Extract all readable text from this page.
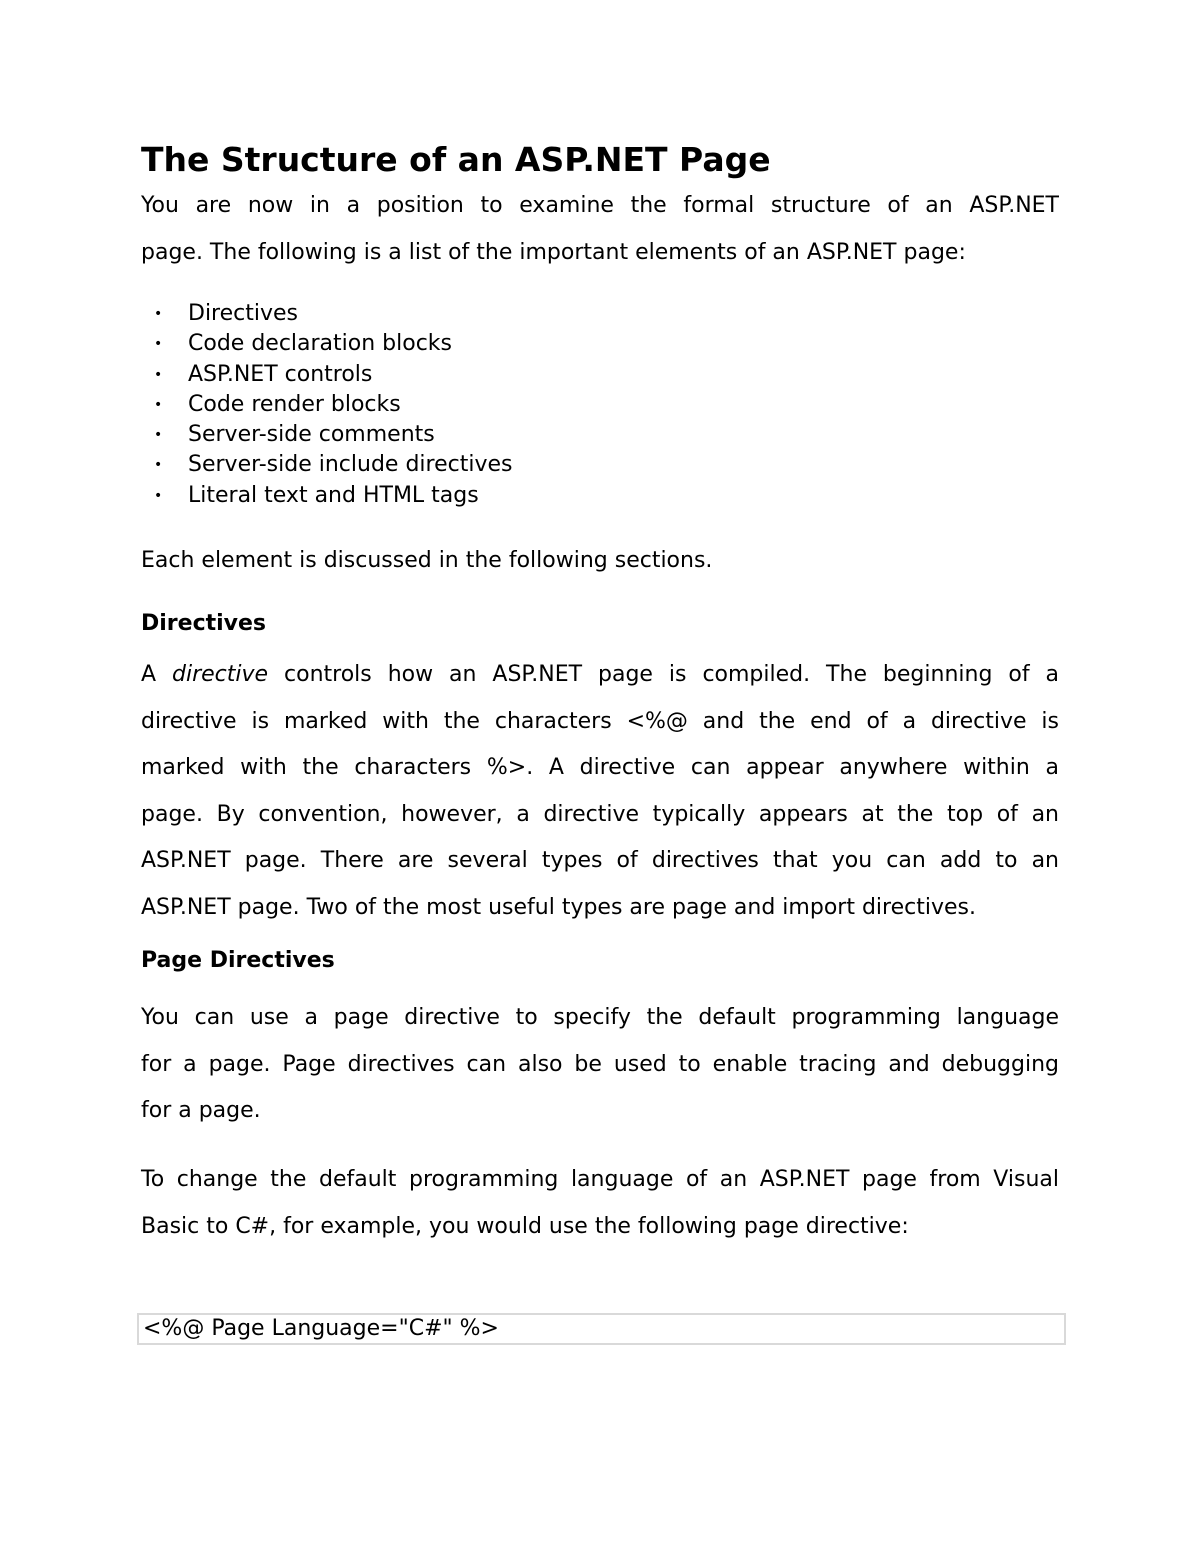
The Structure of an ASP.NET Page
You are now in a position to examine the formal structure of an ASP.NET
page. The following is a list of the important elements of an ASP.NET page:
• Directives
• Code declaration blocks
• ASP.NET controls
• Code render blocks
• Server-side comments
• Server-side include directives
• Literal text and HTML tags

Each element is discussed in the following sections.

Directives
A directive controls how an ASP.NET page is compiled. The beginning of a
directive is marked with the characters <%@ and the end of a directive is
marked with the characters %>. A directive can appear anywhere within a
page. By convention, however, a directive typically appears at the top of an
ASP.NET page. There are several types of directives that you can add to an
ASP.NET page. Two of the most useful types are page and import directives.
Page Directives
You can use a page directive to specify the default programming language
for a page. Page directives can also be used to enable tracing and debugging
for a page.
To change the default programming language of an ASP.NET page from Visual
Basic to C#, for example, you would use the following page directive:
<%@ Page Language="C#" %>
